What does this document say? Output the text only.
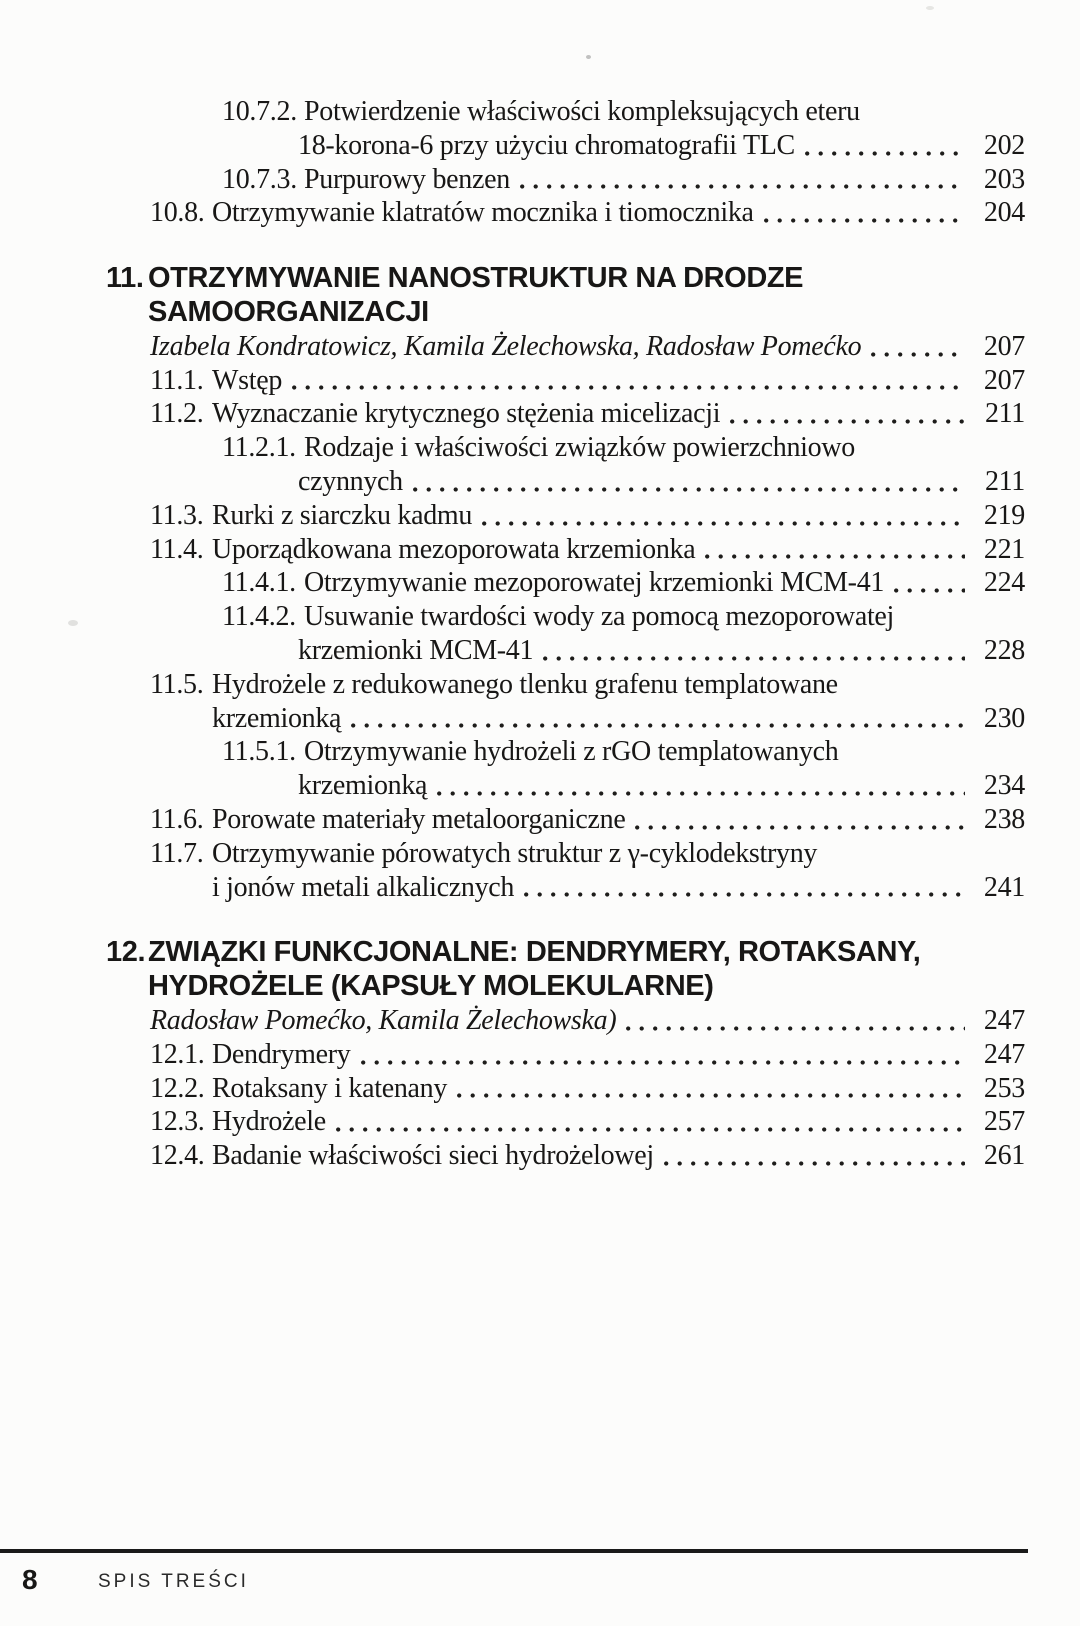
10.7.2. Potwierdzenie właściwości kompleksujących eteru
18-korona-6 przy użyciu chromatografii TLC	202
10.7.3. Purpurowy benzen	203
10.8. Otrzymywanie klatratów mocznika i tiomocznika	204
11. OTRZYMYWANIE NANOSTRUKTUR NA DRODZE
SAMOORGANIZACJI
Izabela Kondratowicz, Kamila Żelechowska, Radosław Pomećko	207
11.1. Wstęp	207
11.2. Wyznaczanie krytycznego stężenia micelizacji	211
11.2.1. Rodzaje i właściwości związków powierzchniowo
czynnych	211
11.3. Rurki z siarczku kadmu	219
11.4. Uporządkowana mezoporowata krzemionka	221
11.4.1. Otrzymywanie mezoporowatej krzemionki MCM-41	224
11.4.2. Usuwanie twardości wody za pomocą mezoporowatej
krzemionki MCM-41	228
11.5. Hydrożele z redukowanego tlenku grafenu templatowane
krzemionką	230
11.5.1. Otrzymywanie hydrożeli z rGO templatowanych
krzemionką	234
11.6. Porowate materiały metaloorganiczne	238
11.7. Otrzymywanie pórowatych struktur z γ-cyklodekstryny
i jonów metali alkalicznych	241
12. ZWIĄZKI FUNKCJONALNE: DENDRYMERY, ROTAKSANY,
HYDROŻELE (KAPSUŁY MOLEKULARNE)
Radosław Pomećko, Kamila Żelechowska)	247
12.1. Dendrymery	247
12.2. Rotaksany i katenany	253
12.3. Hydrożele	257
12.4. Badanie właściwości sieci hydrożelowej	261
8	SPIS TREŚCI
